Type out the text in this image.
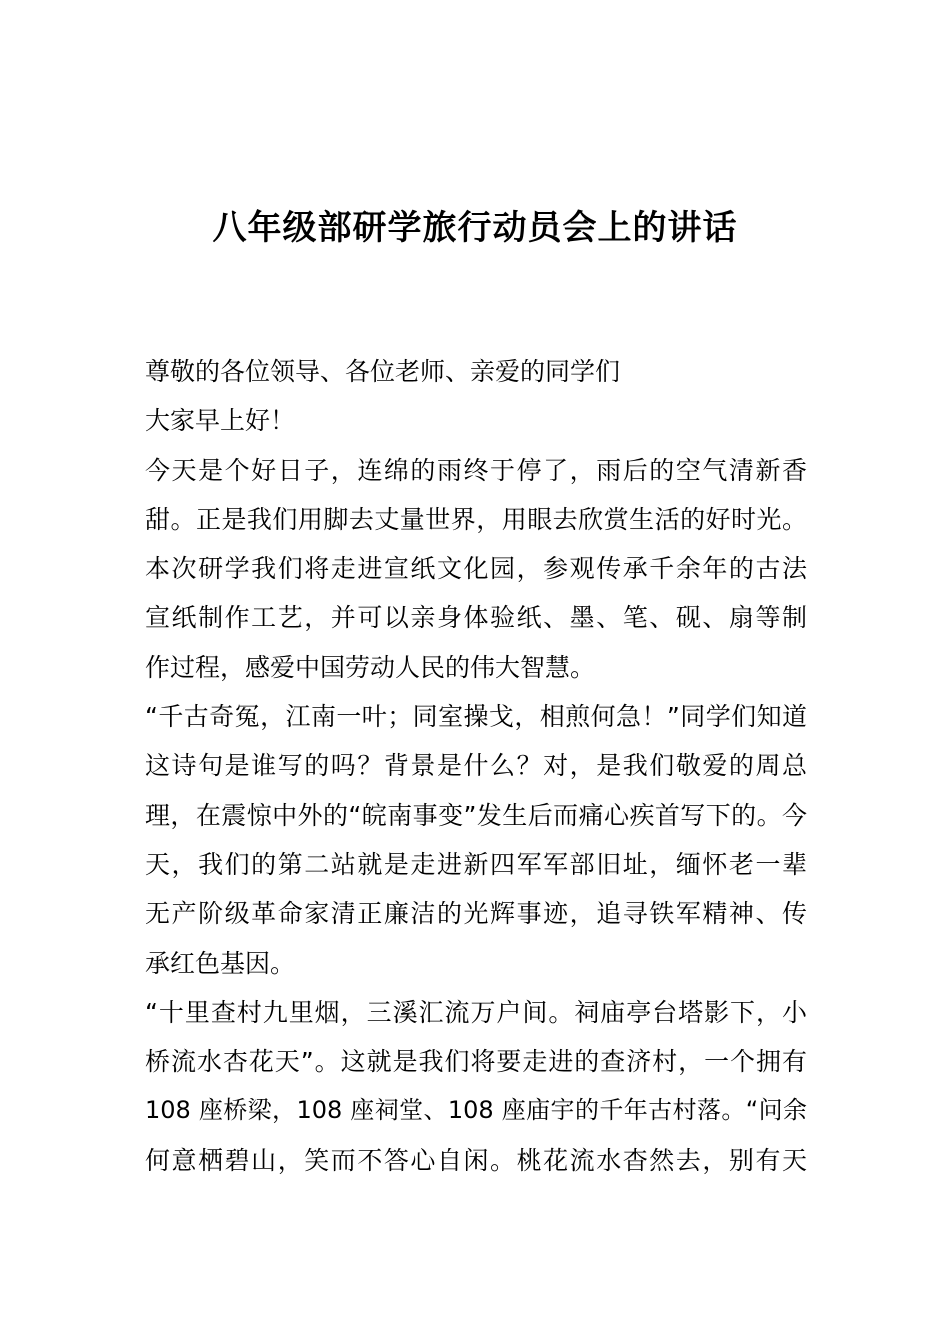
八年级部研学旅行动员会上的讲话
尊敬的各位领导、各位老师、亲爱的同学们
大家早上好！
今天是个好日子，连绵的雨终于停了，雨后的空气清新香
甜。正是我们用脚去丈量世界，用眼去欣赏生活的好时光。
本次研学我们将走进宣纸文化园，参观传承千余年的古法
宣纸制作工艺，并可以亲身体验纸、墨、笔、砚、扇等制
作过程，感爱中国劳动人民的伟大智慧。
“千古奇冤，江南一叶；同室操戈，相煎何急！”同学们知道
这诗句是谁写的吗？背景是什么？对，是我们敬爱的周总
理，在震惊中外的“皖南事变”发生后而痛心疾首写下的。今
天，我们的第二站就是走进新四军军部旧址，缅怀老一辈
无产阶级革命家清正廉洁的光辉事迹，追寻铁军精神、传
承红色基因。
“十里查村九里烟，三溪汇流万户间。祠庙亭台塔影下，小
桥流水杏花天”。这就是我们将要走进的查济村，一个拥有
108 座桥梁，108 座祠堂、108 座庙宇的千年古村落。“问余
何意栖碧山，笑而不答心自闲。桃花流水杳然去，别有天
